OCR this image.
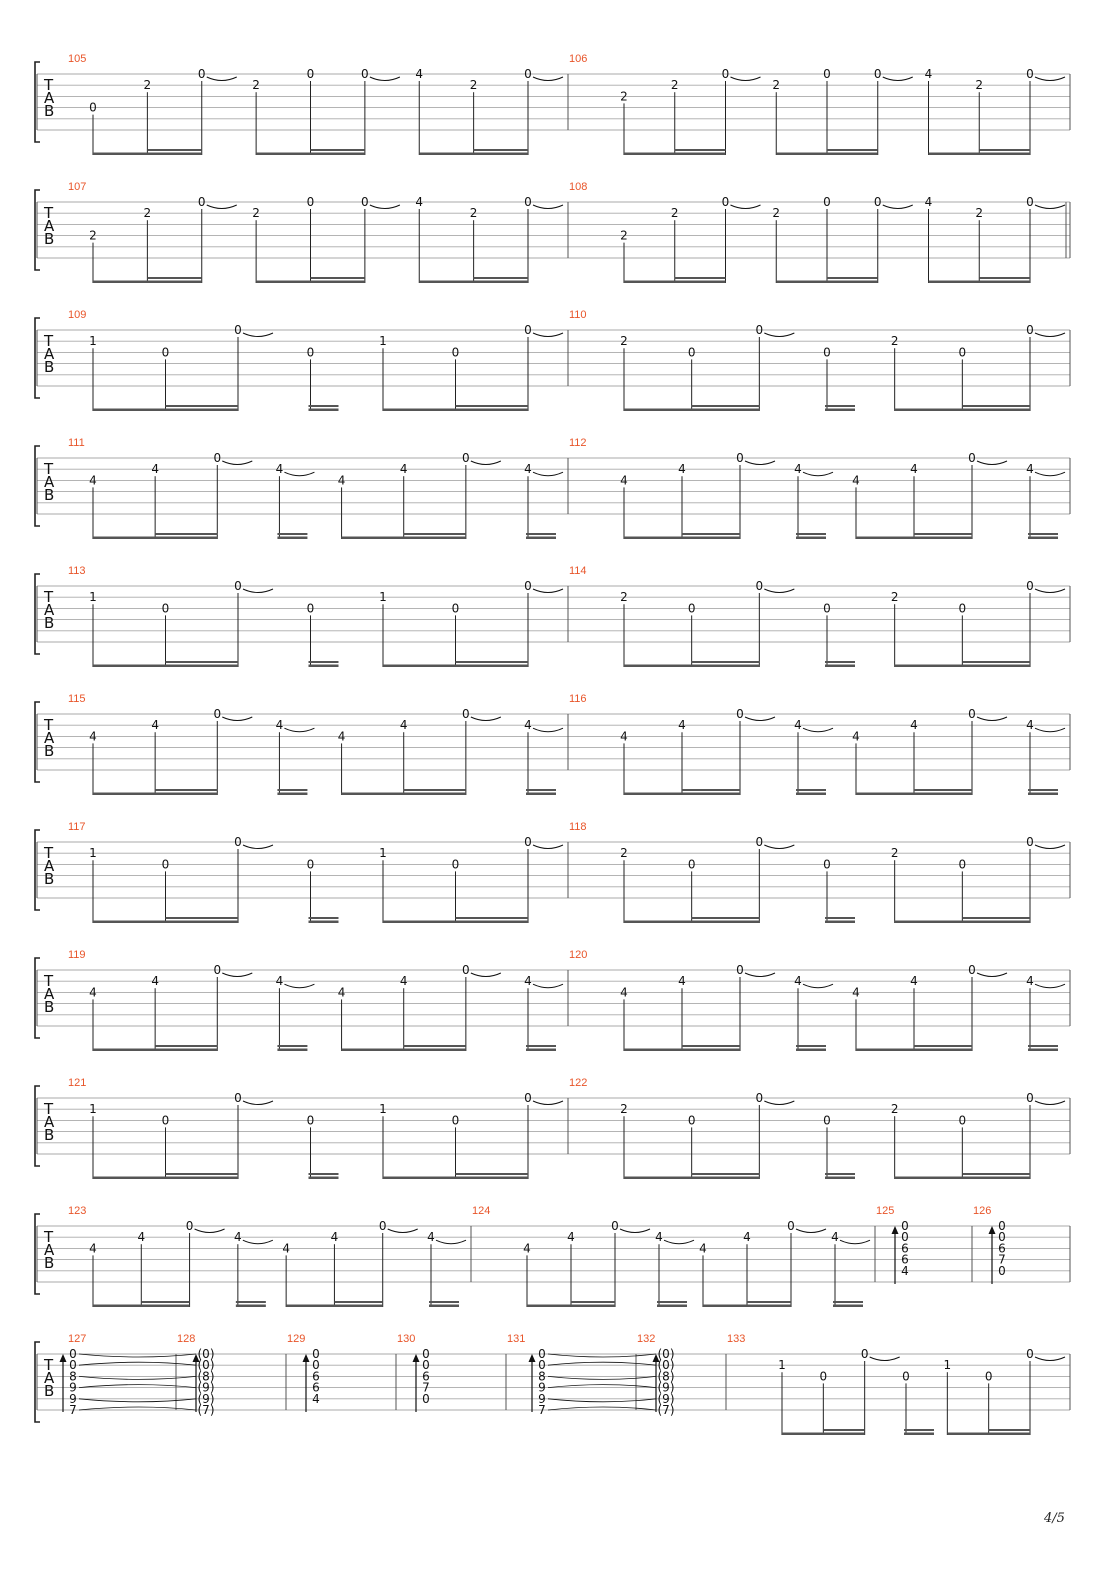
T
A
B
105
0
2
0
2
0	0	4
2
0
106
2
2
0
2
0	0	4
2
0
T
A
B
107
2
2
0
2
0	0	4
2
0
108
2
2
0
2
0	0	4
2
0
T
A
B
109
1
0
0
0
1
0
0
110
2
0
0
0
2
0
0
T
A
B
111
4
4
0
4
4
4
0
4
112
4
4
0
4
4
4
0
4
T
A
B
113
1
0
0
0
1
0
0
114
2
0
0
0
2
0
0
T
A
B
115
4
4
0
4
4
4
0
4
116
4
4
0
4
4
4
0
4
T
A
B
117
1
0
0
0
1
0
0
118
2
0
0
0
2
0
0
T
A
B
119
4
4
0
4
4
4
0
4
120
4
4
0
4
4
4
0
4
T
A
B
121
1
0
0
0
1
0
0
122
2
0
0
0
2
0
0
T
A
B
123
4
4
0
4
4
4
0
4
124
4
4
0
4
4
4
0
4
125
0
0
6
6
4
126
0
0
6
7
0
T
A
B
127
0
0
8
9
9
7
128
(0)
(0)
(8)
(9)
(9)
(7)
129
0
0
6
6
4
130
0
0
6
7
0
131
0
0
8
9
9
7
132
(0)
(0)
(8)
(9)
(9)
(7)
133
1
0
0
0
1
0
0
4/5
